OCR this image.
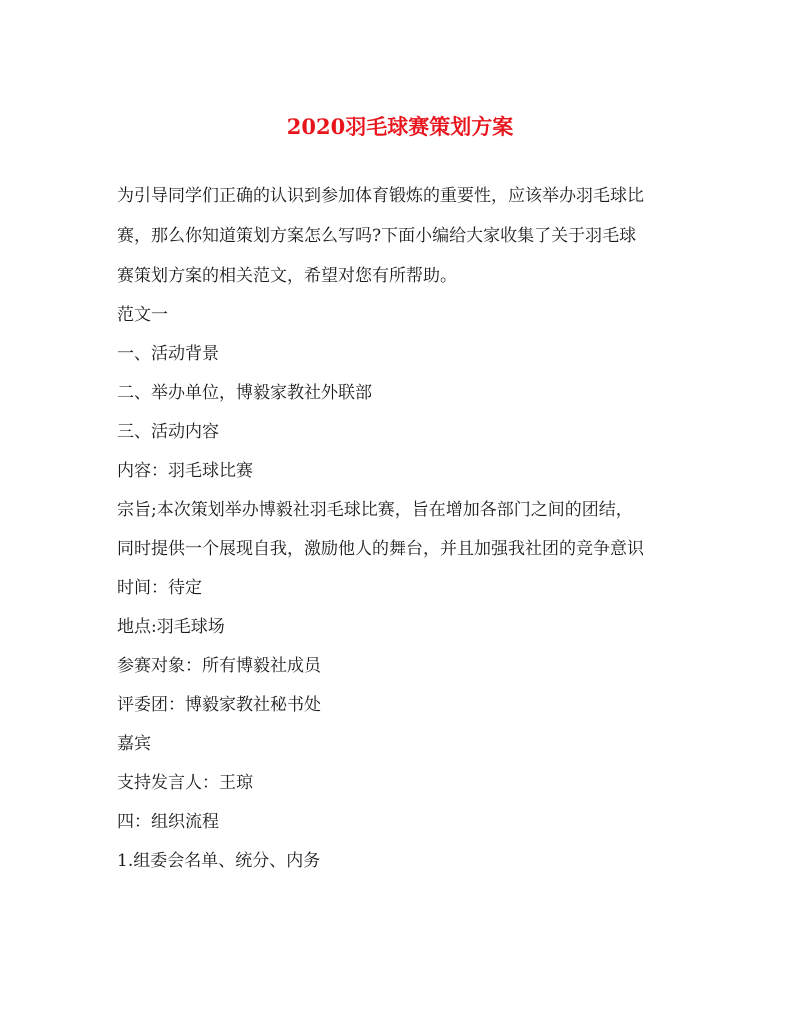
2020羽毛球赛策划方案
为引导同学们正确的认识到参加体育锻炼的重要性，应该举办羽毛球比
赛，那么你知道策划方案怎么写吗?下面小编给大家收集了关于羽毛球
赛策划方案的相关范文，希望对您有所帮助。
范文一
一、活动背景
二、举办单位，博毅家教社外联部
三、活动内容
内容：羽毛球比赛
宗旨;本次策划举办博毅社羽毛球比赛，旨在增加各部门之间的团结，
同时提供一个展现自我，激励他人的舞台，并且加强我社团的竞争意识
时间：待定
地点:羽毛球场
参赛对象：所有博毅社成员
评委团：博毅家教社秘书处
嘉宾
支持发言人：王琼
四：组织流程
1.组委会名单、统分、内务
